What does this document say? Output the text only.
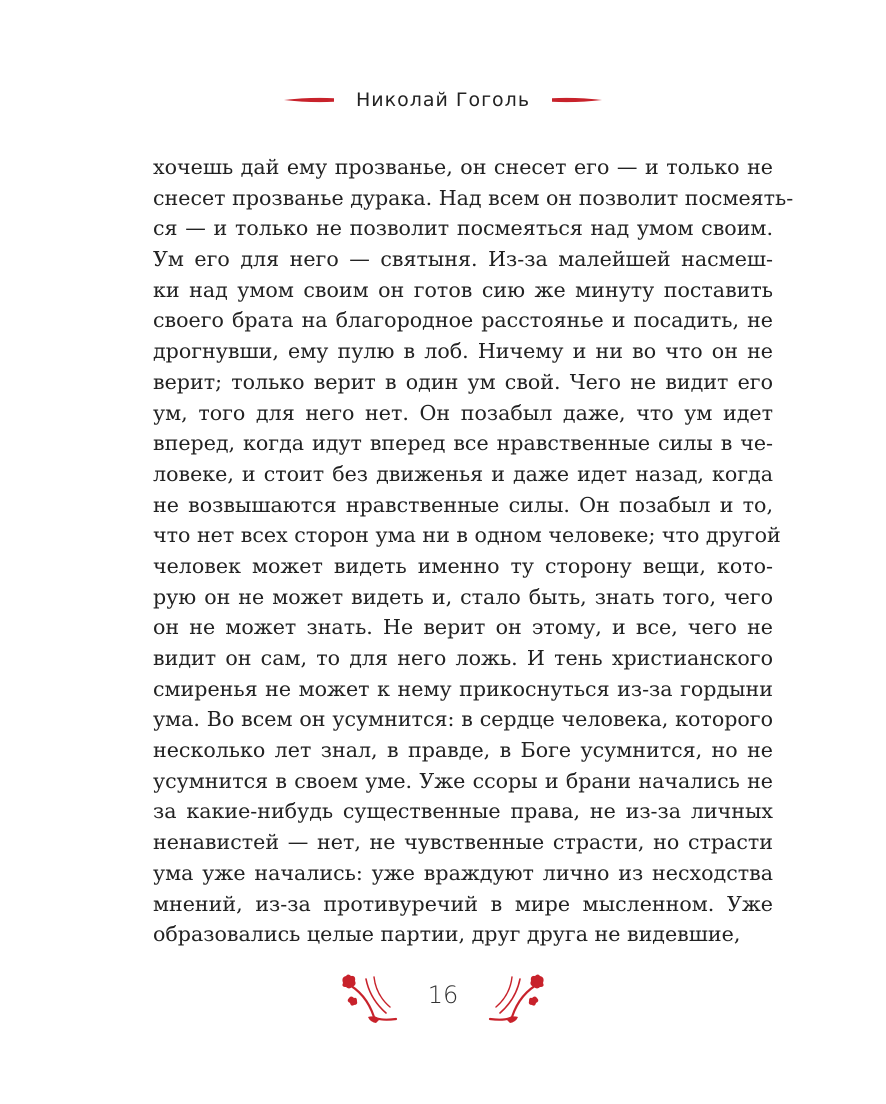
Николай Гоголь
хочешь дай ему прозванье, он снесет его — и только не
снесет прозванье дурака. Над всем он позволит посмеять-
ся — и только не позволит посмеяться над умом своим.
Ум его для него — святыня. Из-за малейшей насмеш-
ки над умом своим он готов сию же минуту поставить
своего брата на благородное расстоянье и посадить, не
дрогнувши, ему пулю в лоб. Ничему и ни во что он не
верит; только верит в один ум свой. Чего не видит его
ум, того для него нет. Он позабыл даже, что ум идет
вперед, когда идут вперед все нравственные силы в че-
ловеке, и стоит без движенья и даже идет назад, когда
не возвышаются нравственные силы. Он позабыл и то,
что нет всех сторон ума ни в одном человеке; что другой
человек может видеть именно ту сторону вещи, кото-
рую он не может видеть и, стало быть, знать того, чего
он не может знать. Не верит он этому, и все, чего не
видит он сам, то для него ложь. И тень христианского
смиренья не может к нему прикоснуться из-за гордыни
ума. Во всем он усумнится: в сердце человека, которого
несколько лет знал, в правде, в Боге усумнится, но не
усумнится в своем уме. Уже ссоры и брани начались не
за какие-нибудь существенные права, не из-за личных
ненавистей — нет, не чувственные страсти, но страсти
ума уже начались: уже враждуют лично из несходства
мнений, из-за противуречий в мире мысленном. Уже
образовались целые партии, друг друга не видевшие,
16
